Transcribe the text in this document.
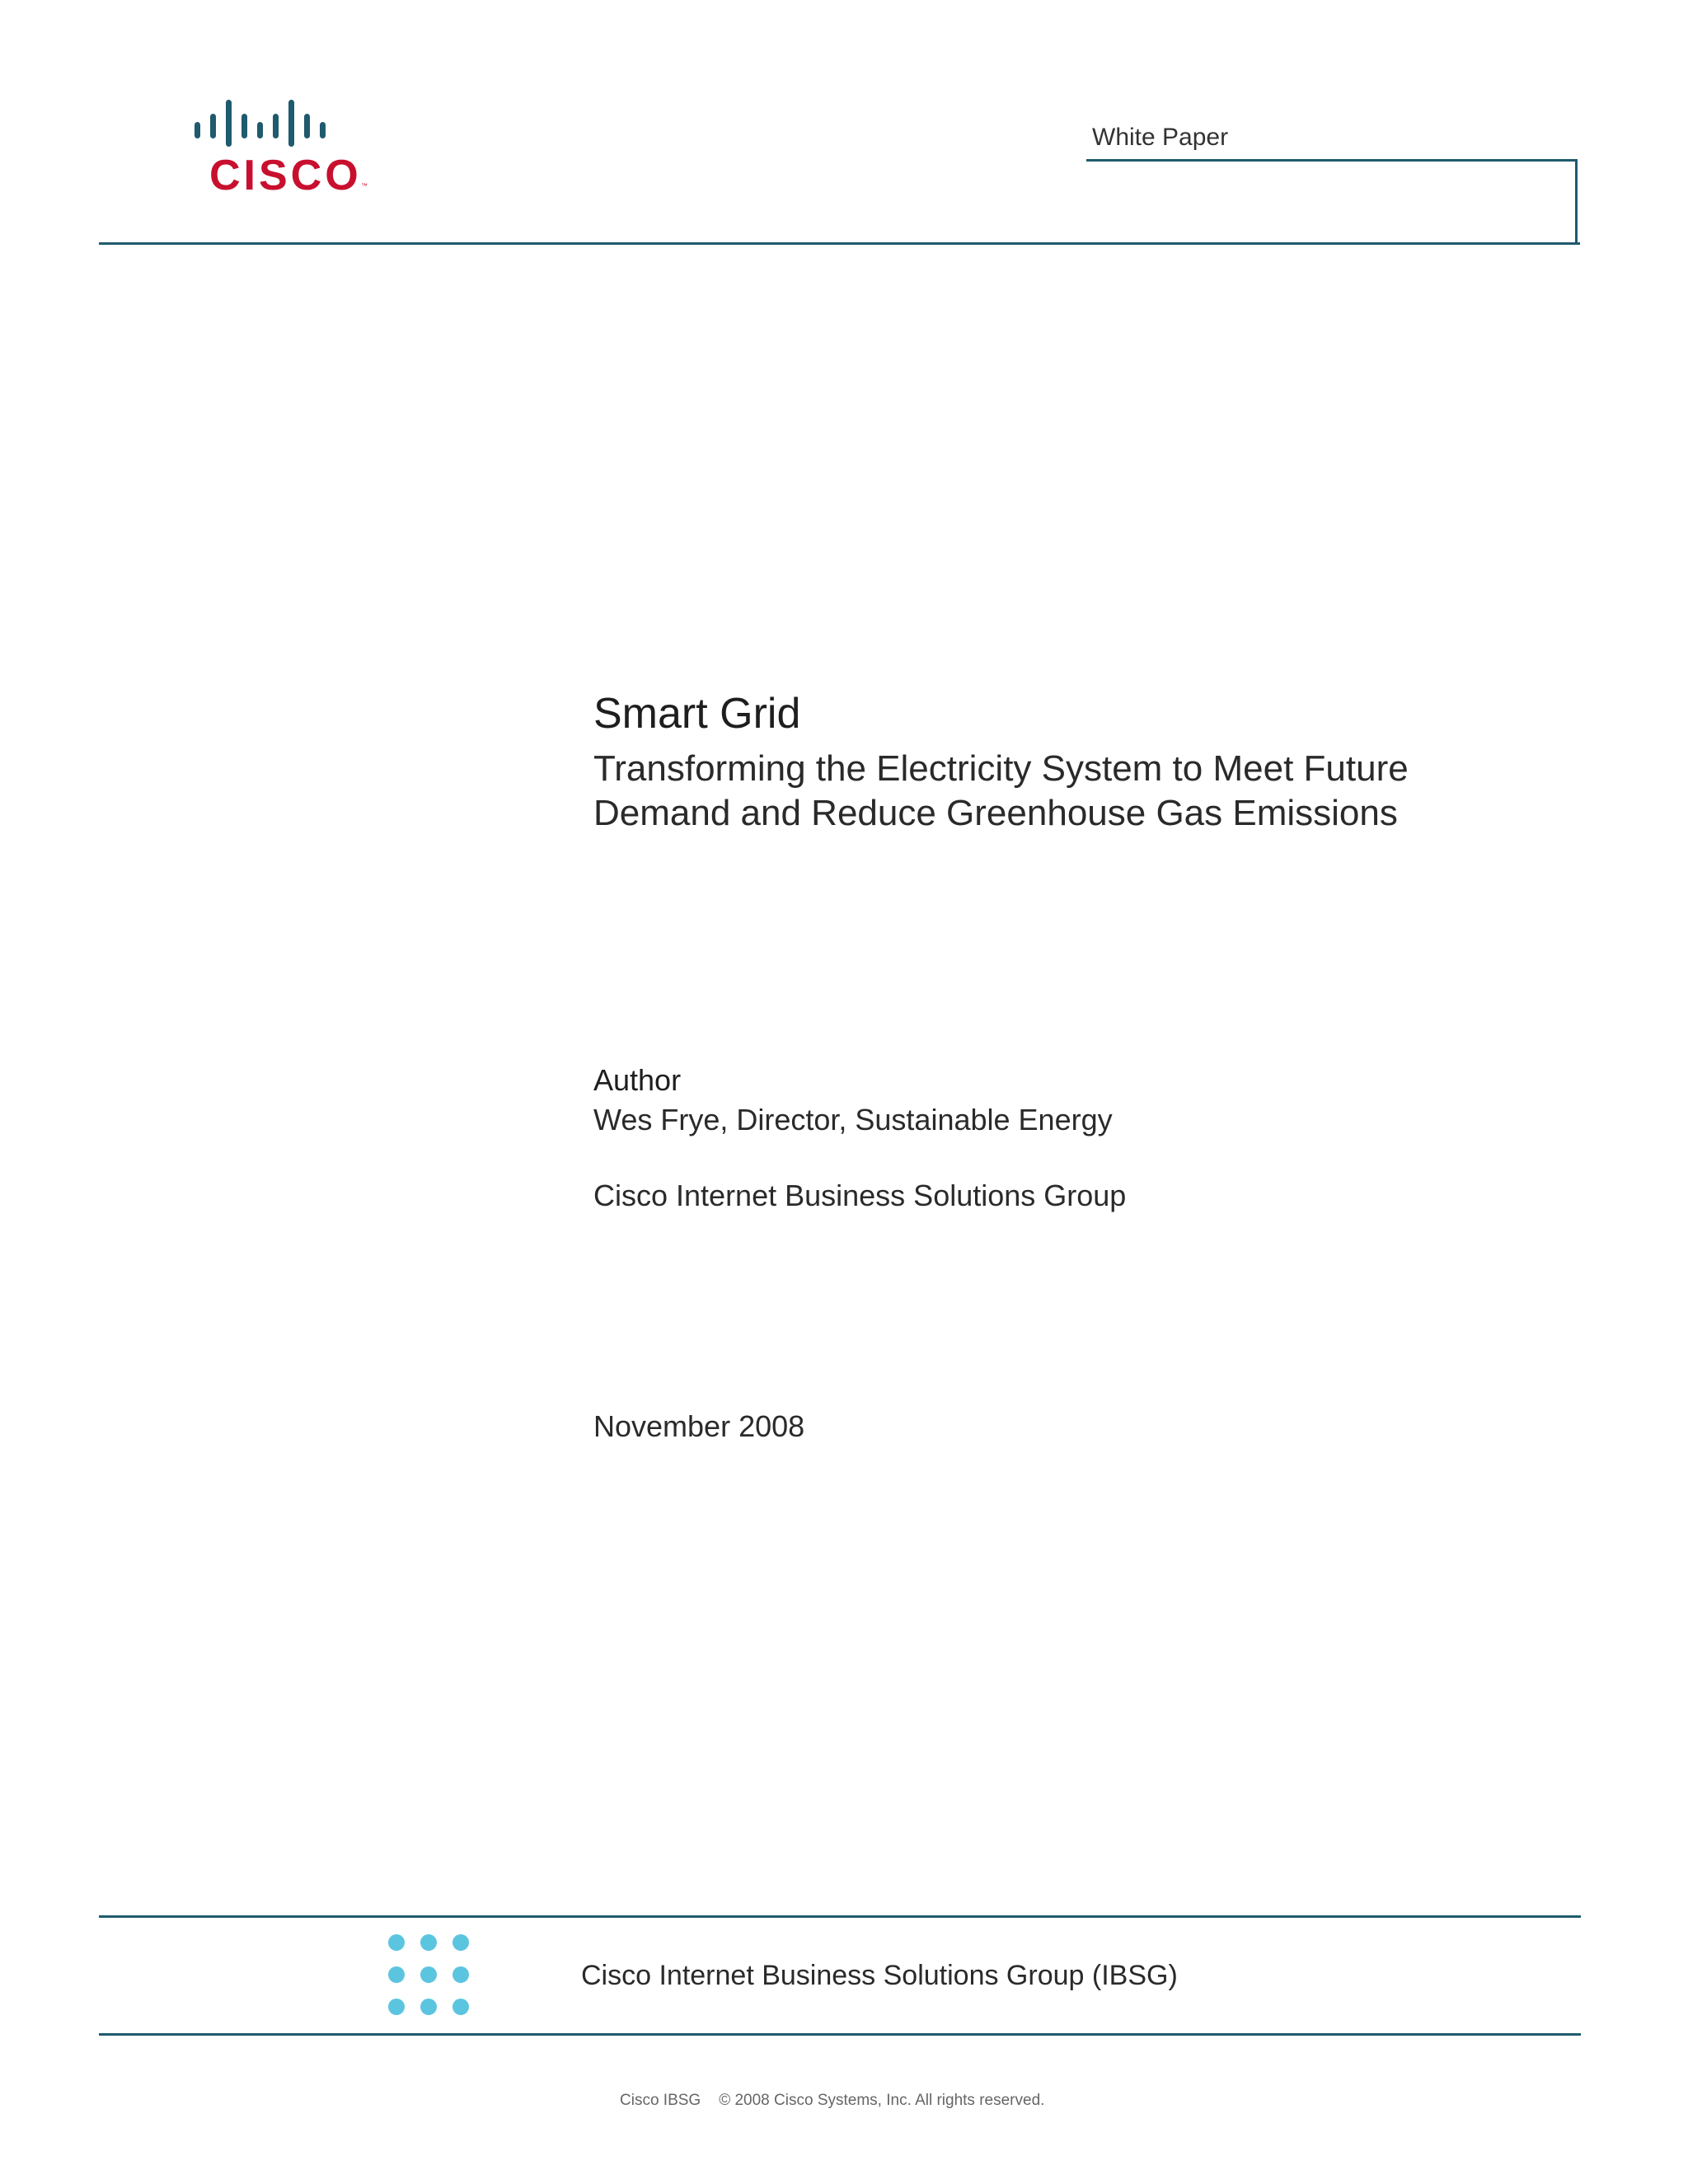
CISCO ™
White Paper
Smart Grid
Transforming the Electricity System to Meet Future
Demand and Reduce Greenhouse Gas Emissions
Author
Wes Frye, Director, Sustainable Energy
Cisco Internet Business Solutions Group
November 2008
Cisco Internet Business Solutions Group (IBSG)
Cisco IBSG © 2008 Cisco Systems, Inc. All rights reserved.
